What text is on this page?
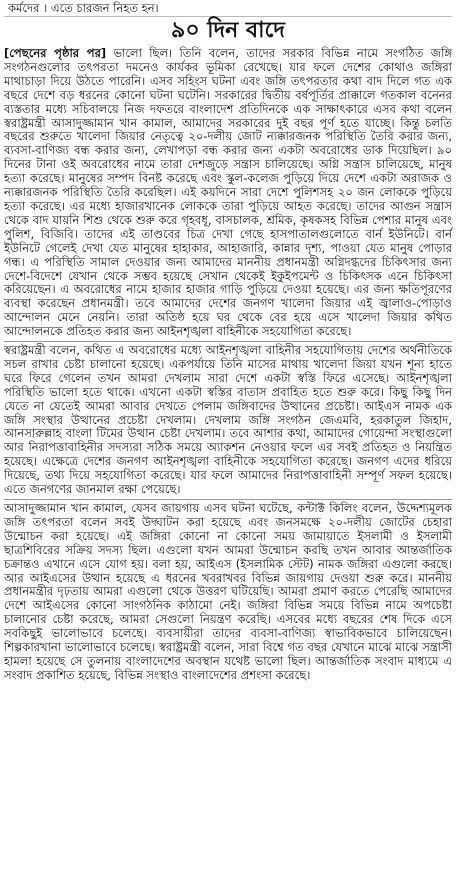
কর্মদের । এতে চারজন নিহত হন।
৯০ দিন বাদে

[পেছনের পৃষ্ঠার পর] ভালো ছিল। তিনি বলেন, তাদের সরকার বিভিন্ন নামে সংগঠিত জঙ্গি সংগঠনগুলোর তৎপরতা দমনেও কার্যকর ভূমিকা রেখেছে। যার ফলে দেশের কোথাও জঙ্গিরা মাথাচাড়া দিয়ে উঠতে পারেনি। এসব সহিংস ঘটনা এবং জঙ্গি তৎপরতার কথা বাদ দিলে গত এক বছরে দেশে বড় ধরনের কোনো ঘটনা ঘটেনি। সরকারের দ্বিতীয় বর্ষপূর্তির প্রাক্কালে গতকাল বনেনর ব্যস্ততার মধ্যে সচিবালয়ে নিজ দফতরে বাংলাদেশ প্রতিদিনকে এক সাক্ষাৎকারে এসব কথা বলেন স্বরাষ্ট্রমন্ত্রী আসাদুজ্জামান খান কামাল, আমাদের সরকারের দুই বছর পূর্ণ হতে যাচ্ছে। কিন্তু চলতি বছরের শুরুতে খালেদা জিয়ার নেতৃত্বে ২০-দলীয় জোট ন্যক্কারজনক পরিস্থিতি তৈরি করার জন্য, ব্যবসা-বাণিজ্য বন্ধ করার জন্য, লেখাপড়া বন্ধ করার জন্য একটা অবরোধের ডাক দিয়েছিল। ৯০ দিনের টানা ওই অবরোধের নামে তারা দেশজুড়ে সন্ত্রাস চালিয়েছে। অগ্নি সন্ত্রাস চালিয়েছে, মানুষ হত্যা করেছে। মানুষের সম্পদ বিনষ্ট করেছে এবং স্কুল-কলেজ পুড়িয়ে দিয়ে দেশে একটা অরাজক ও ন্যক্কারজনক পরিস্থিতি তৈরি করেছিল। এই কয়দিনে সারা দেশে পুলিশসহ ২০ জন লোককে পুড়িয়ে হত্যা করেছে। এর মধ্যে হাজারখানেক লোককে তারা পুড়িয়ে আহত করেছে। তাদের আগুন সন্ত্রাস থেকে বাদ যায়নি শিশু থেকে শুরু করে গৃহবধূ, বাসচালক, শ্রমিক, কৃষকসহ বিভিন্ন পেশার মানুষ এবং পুলিশ, বিজিবি। তাদের এই তাণ্ডবের চিত্র দেখা গেছে হাসপাতালগুলোতে বার্ন ইউনিটে। বার্ন ইউনিটে গেলেই দেখা যেত মানুষের হাহাকার, আহাজারি, কান্নার দৃশ্য, পাওয়া যেত মানুষ পোড়ার গন্ধ। এ পরিস্থিতি সামাল দেওয়ার জন্য আমাদের মাননীয় প্রধানমন্ত্রী অগ্নিদগ্ধদের চিকিৎসার জন্য দেশে-বিদেশে যেখান থেকে সম্ভব হয়েছে সেখান থেকেই ইকুইপমেন্ট ও চিকিৎসক এনে চিকিৎসা করিয়েছেন। এ অবরোধের নামে হাজার হাজার গাড়ি পুড়িয়ে দেওয়া হয়েছে। এর জন্য ক্ষতিপূরণের ব্যবস্থা করেছেন প্রধানমন্ত্রী। তবে আমাদের দেশের জনগণ খালেদা জিয়ার এই জ্বালাও-পোড়াও আন্দোলন মেনে নেয়নি। তারা অতিষ্ঠ হয়ে ঘর থেকে বের হয়ে এসে খালেদা জিয়ার কথিত আন্দোলনকে প্রতিহত করার জন্য আইনশৃঙ্খলা বাহিনীকে সহযোগিতা করেছে।

স্বরাষ্ট্রমন্ত্রী বলেন, কথিত এ অবরোধের মধ্যে আইনশৃঙ্খলা বাহিনীর সহযোগিতায় দেশের অর্থনীতিকে সচল রাখার চেষ্টা চালানো হয়েছে। একপর্যায়ে তিনি মাসের মাথায় খালেদা জিয়া যখন শূন্য হাতে ঘরে ফিরে গেলেন তখন আমরা দেখলাম সারা দেশে একটা স্বস্তি ফিরে এসেছে। আইনশৃঙ্খলা পরিস্থিতি ভালো হতে থাকে। এখনো একটা স্বস্তির বাতাস প্রবাহিত হতে শুরু করে। কিছু কিছু দিন যেতে না যেতেই আমরা আবার দেখতে পেলাম জঙ্গিবাদের উত্থানের প্রচেষ্টা। আইএস নামক এক জঙ্গি সংস্থার উত্থানের প্রচেষ্টা দেখলাম। দেখলাম জঙ্গি সংগঠন জেএমবি, হরকাতুল জিহাদ, আনসারুল্লাহ বাংলা টিমের উত্থান চেষ্টা দেখলাম। তবে আশার কথা, আমাদের গোয়েন্দা সংস্থাগুলো আর নিরাপত্তাবাহিনীর সদস্যরা সঠিক সময়ে অ্যাকশন নেওয়ার ফলে এর সবই প্রতিহত ও নিয়ন্ত্রিত হয়েছে। এক্ষেত্রে দেশের জনগণ আইনশৃঙ্খলা বাহিনীকে সহযোগিতা করেছে। জনগণ এদের ধরিয়ে দিয়েছে, তথ্য দিয়ে সহযোগিতা করেছে। যার ফলে আমাদের নিরাপত্তাবাহিনী সম্পূর্ণ সফল হয়েছে। এতে জনগণের জানমাল রক্ষা পেয়েছে।

আসাদুজ্জামান খান কামাল, যেসব জায়গায় এসব ঘটনা ঘটেছে, কন্টাক্ট কিলিং বলেন, উদ্দেশ্যমূলক জঙ্গি তৎপরতা বলেন সবই উদ্ঘাটন করা হয়েছে এবং জনসমক্ষে ২০-দলীয় জোটের চেহারা উন্মোচন করা হয়েছে। এই জঙ্গিরা কোনো না কোনো সময় জামায়াতে ইসলামী ও ইসলামী ছাত্রশিবিরের সক্রিয় সদস্য ছিল। এগুলো যখন আমরা উন্মোচন করছি তখন আবার আন্তর্জাতিক চক্রান্তও এখানে এসে যোগ হয়। বলা হয়, আইএস (ইসলামিক স্টেট) নামক জঙ্গিরা এগুলো করছে। আর আইএসের উত্থান হয়েছে এ ধরনের খবরাখবর বিভিন্ন জায়গায় দেওয়া শুরু করে। মাননীয় প্রধানমন্ত্রীর দৃঢ়তায় আমরা এগুলো থেকে উত্তরণ ঘটিয়েছি। আমরা প্রমাণ করতে পেরেছি আমাদের দেশে আইএসের কোনো সাংগঠনিক কাঠামো নেই। জঙ্গিরা বিভিন্ন সময়ে বিভিন্ন নামে অপচেষ্টা চালানোর চেষ্টা করেছে, আমরা সেগুলো নিয়ন্ত্রণ করেছি। এসবের মধ্যে বছরের শেষ দিকে এসে সবকিছুই ভালোভাবে চলেছে। ব্যবসায়ীরা তাদের ব্যবসা-বাণিজ্য স্বাভাবিকভাবে চালিয়েছেন। শিল্পকারখানা ভালোভাবে চলেছে। স্বরাষ্ট্রমন্ত্রী বলেন, সারা বিশ্বে গত বছর যেখানে মাঝে মাঝে সন্ত্রাসী হামলা হয়েছে সে তুলনায় বাংলাদেশের অবস্থান যথেষ্ট ভালো ছিল। আন্তর্জাতিক সংবাদ মাধ্যমে এ সংবাদ প্রকাশিত হয়েছে, বিভিন্ন সংস্থাও বাংলাদেশের প্রশংসা করেছে।
